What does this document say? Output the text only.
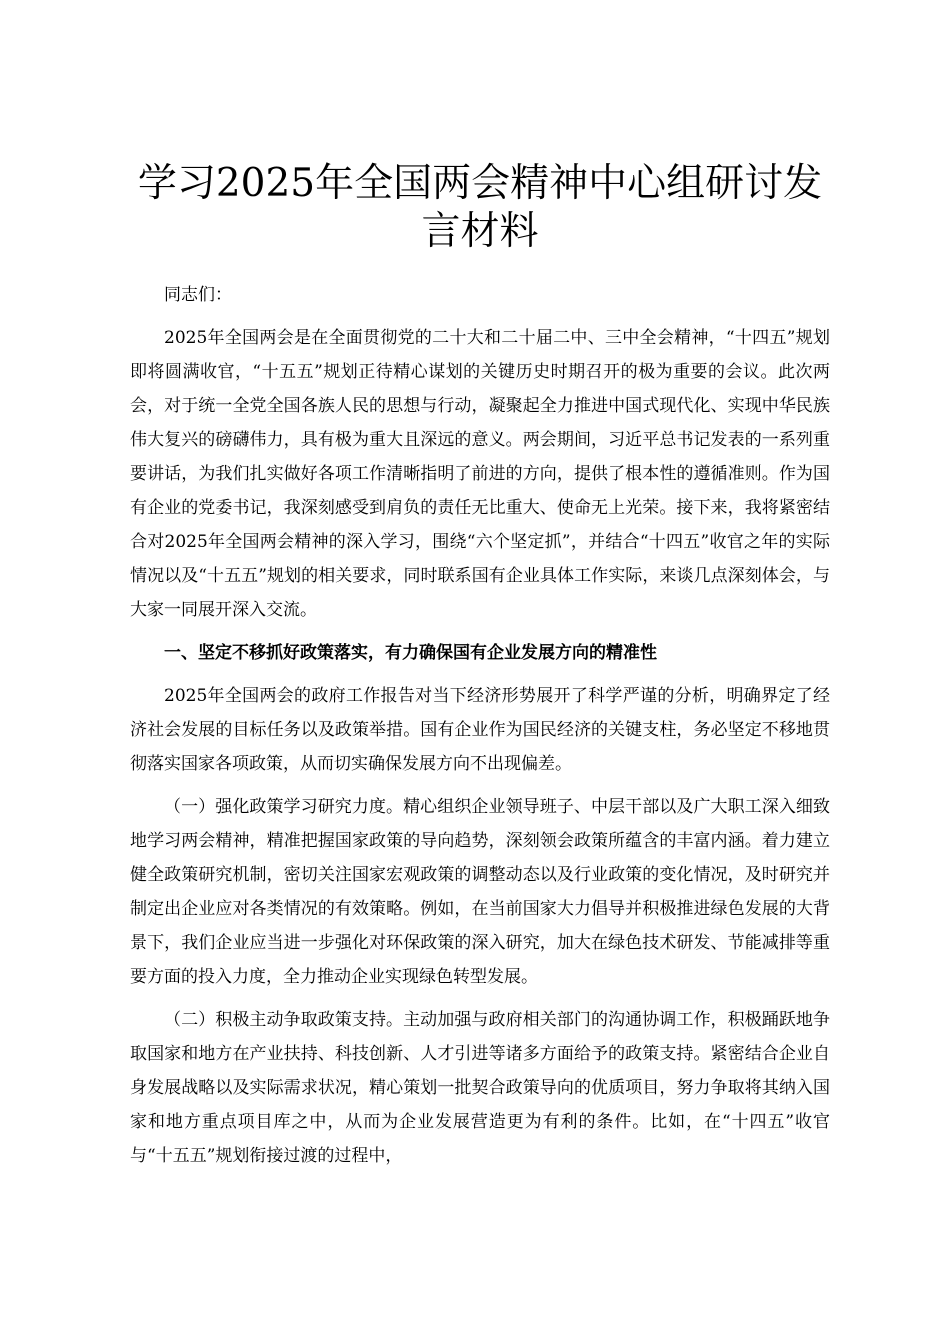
学习2025年全国两会精神中心组研讨发言材料

同志们：

2025年全国两会是在全面贯彻党的二十大和二十届二中、三中全会精神，“十四五”规划即将圆满收官，“十五五”规划正待精心谋划的关键历史时期召开的极为重要的会议。此次两会，对于统一全党全国各族人民的思想与行动，凝聚起全力推进中国式现代化、实现中华民族伟大复兴的磅礴伟力，具有极为重大且深远的意义。两会期间，习近平总书记发表的一系列重要讲话，为我们扎实做好各项工作清晰指明了前进的方向，提供了根本性的遵循准则。作为国有企业的党委书记，我深刻感受到肩负的责任无比重大、使命无上光荣。接下来，我将紧密结合对2025年全国两会精神的深入学习，围绕“六个坚定抓”，并结合“十四五”收官之年的实际情况以及“十五五”规划的相关要求，同时联系国有企业具体工作实际，来谈几点深刻体会，与大家一同展开深入交流。

一、坚定不移抓好政策落实，有力确保国有企业发展方向的精准性

2025年全国两会的政府工作报告对当下经济形势展开了科学严谨的分析，明确界定了经济社会发展的目标任务以及政策举措。国有企业作为国民经济的关键支柱，务必坚定不移地贯彻落实国家各项政策，从而切实确保发展方向不出现偏差。

（一）强化政策学习研究力度。精心组织企业领导班子、中层干部以及广大职工深入细致地学习两会精神，精准把握国家政策的导向趋势，深刻领会政策所蕴含的丰富内涵。着力建立健全政策研究机制，密切关注国家宏观政策的调整动态以及行业政策的变化情况，及时研究并制定出企业应对各类情况的有效策略。例如，在当前国家大力倡导并积极推进绿色发展的大背景下，我们企业应当进一步强化对环保政策的深入研究，加大在绿色技术研发、节能减排等重要方面的投入力度，全力推动企业实现绿色转型发展。

（二）积极主动争取政策支持。主动加强与政府相关部门的沟通协调工作，积极踊跃地争取国家和地方在产业扶持、科技创新、人才引进等诸多方面给予的政策支持。紧密结合企业自身发展战略以及实际需求状况，精心策划一批契合政策导向的优质项目，努力争取将其纳入国家和地方重点项目库之中，从而为企业发展营造更为有利的条件。比如，在“十四五”收官与“十五五”规划衔接过渡的过程中，
